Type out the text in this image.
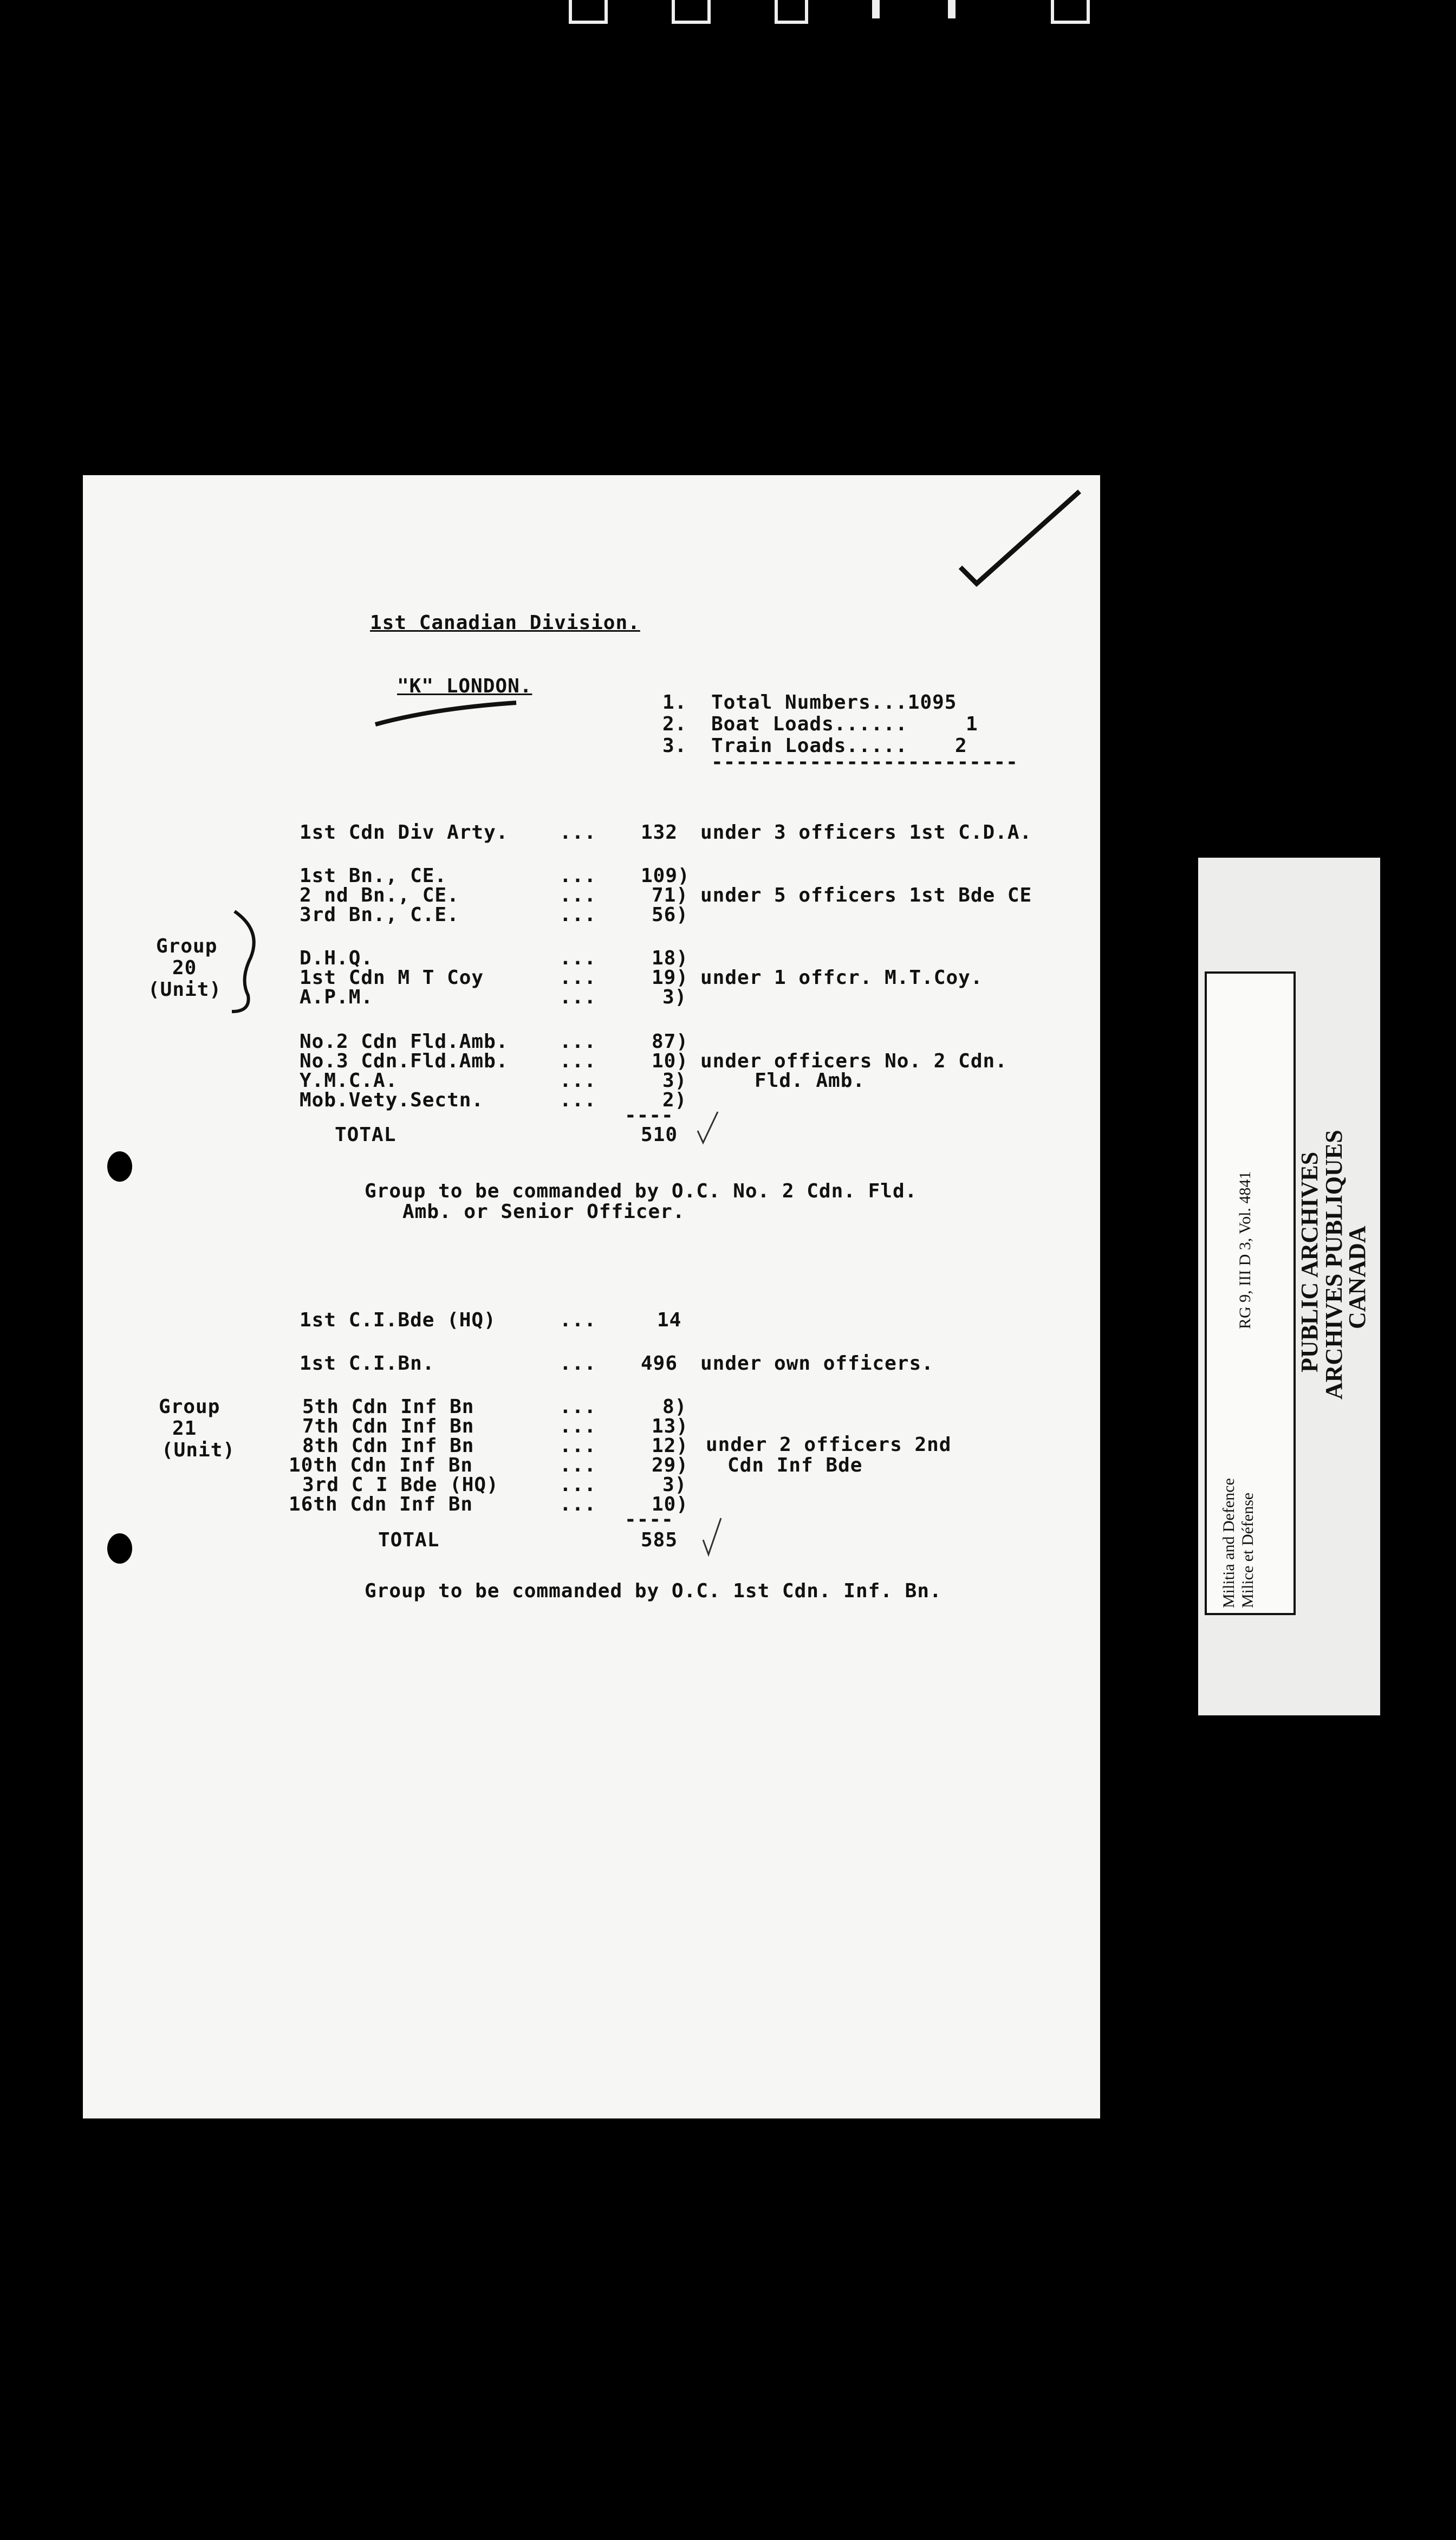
1st Canadian Division.
"K" LONDON.
1. Total Numbers...1095
2. Boat Loads......	1
3. Train Loads..... 2
-------------------------
1st Cdn Div Arty.	... 132 under 3 officers 1st C.D.A.
Group
20
(Unit)
1st Bn., CE.	... 109)
2 nd Bn., CE.	...	71)
3rd Bn., C.E.	...	56)
under 5 officers 1st Bde CE
D.H.Q.	...	18)
1st Cdn M T Coy	...	19)
A.P.M.	...	3)
under 1 offcr. M.T.Coy.
No.2 Cdn Fld.Amb.	...	87)
No.3 Cdn.Fld.Amb.	...	10)
Y.M.C.A.	...	3)
Mob.Vety.Sectn.	...	2)
under officers No. 2 Cdn.
Fld. Amb.
----
TOTAL	510
Group to be commanded by O.C. No. 2 Cdn. Fld.
Amb. or Senior Officer.
1st C.I.Bde (HQ)	...	14
1st C.I.Bn.	... 496 under own officers.
Group
21
(Unit)
5th Cdn Inf Bn	...	8)
7th Cdn Inf Bn	...	13)
8th Cdn Inf Bn	...	12)
10th Cdn Inf Bn	...	29)
3rd C I Bde (HQ)	...	3)
16th Cdn Inf Bn	...	10)
under 2 officers 2nd
Cdn Inf Bde
----
TOTAL	585
Group to be commanded by O.C. 1st Cdn. Inf. Bn.
RG 9, III D 3, Vol. 4841
Militia and Defence Milice et Défense
PUBLIC ARCHIVES
ARCHIVES PUBLIQUES
CANADA
